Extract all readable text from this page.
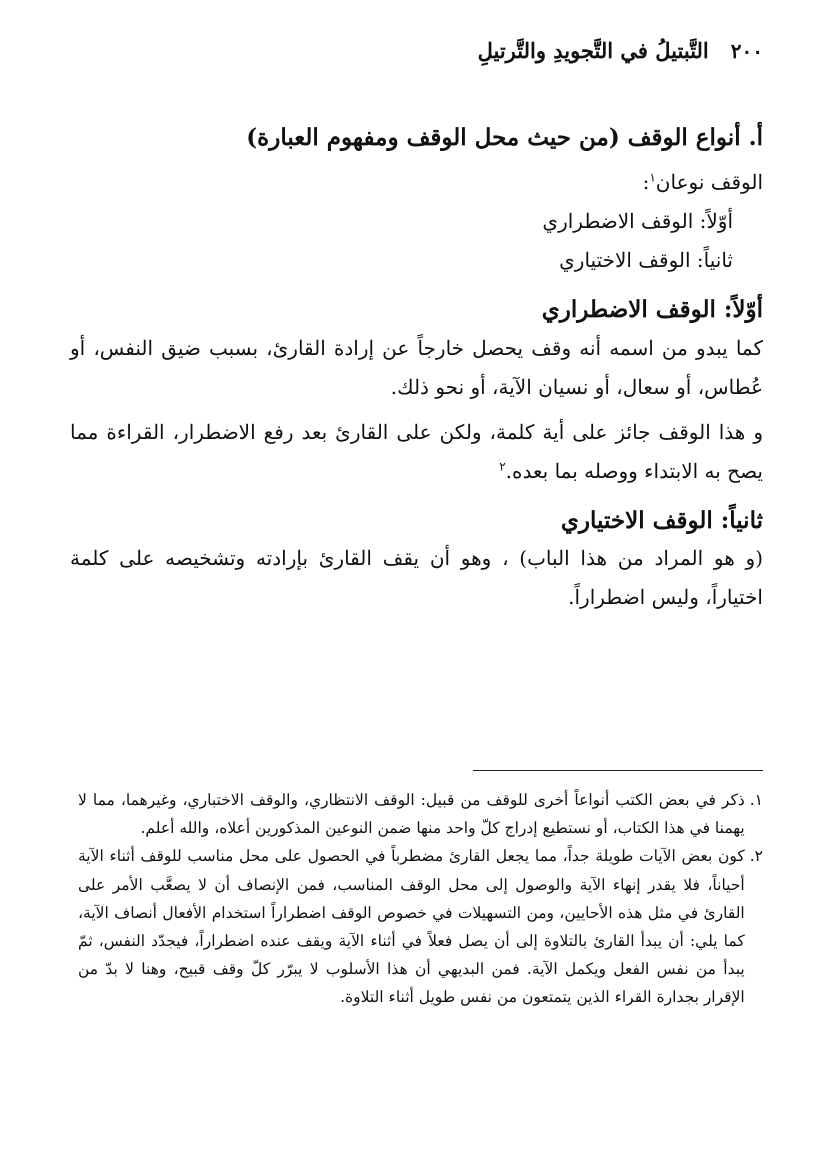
٢٠٠
التَّبتيلُ في التَّجويدِ والتَّرتيلِ

أ. أنواع الوقف (من حيث محل الوقف ومفهوم العبارة)

الوقف نوعان$^١$:

أوّلاً: الوقف الاضطراري

ثانياً: الوقف الاختياري

أوّلاً: الوقف الاضطراري

كما يبدو من اسمه أنه وقف يحصل خارجاً عن إرادة القارئ، بسبب ضيق النفس، أو عُطاس، أو سعال، أو نسيان الآية، أو نحو ذلك.

و هذا الوقف جائز على أية كلمة، ولكن على القارئ بعد رفع الاضطرار، القراءة مما يصح به الابتداء ووصله بما بعده.$^٢$

ثانياً: الوقف الاختياري

(و هو المراد من هذا الباب) ، وهو أن يقف القارئ بإرادته وتشخيصه على كلمة اختياراً، وليس اضطراراً.

١.
ذكر في بعض الكتب أنواعاً أخرى للوقف من قبيل: الوقف الانتظاري، والوقف الاختباري، وغيرهما، مما لا يهمنا في هذا الكتاب، أو نستطيع إدراج كلّ واحد منها ضمن النوعين المذكورين أعلاه، والله أعلم.

٢.
كون بعض الآيات طويلة جداً، مما يجعل القارئ مضطرباً في الحصول على محل مناسب للوقف أثناء الآية أحياناً، فلا يقدر إنهاء الآية والوصول إلى محل الوقف المناسب، فمن الإنصاف أن لا يصعَّب الأمر على القارئ في مثل هذه الأحايين، ومن التسهيلات في خصوص الوقف اضطراراً استخدام الأفعال أنصاف الآية، كما يلي: أن يبدأ القارئ بالتلاوة إلى أن يصل فعلاً في أثناء الآية ويقف عنده اضطراراً، فيجدّد النفس، ثمّ يبدأ من نفس الفعل ويكمل الآية. فمن البديهي أن هذا الأسلوب لا يبرّر كلّ وقف قبيح، وهنا لا بدّ من الإقرار بجدارة القراء الذين يتمتعون من نفس طويل أثناء التلاوة.
